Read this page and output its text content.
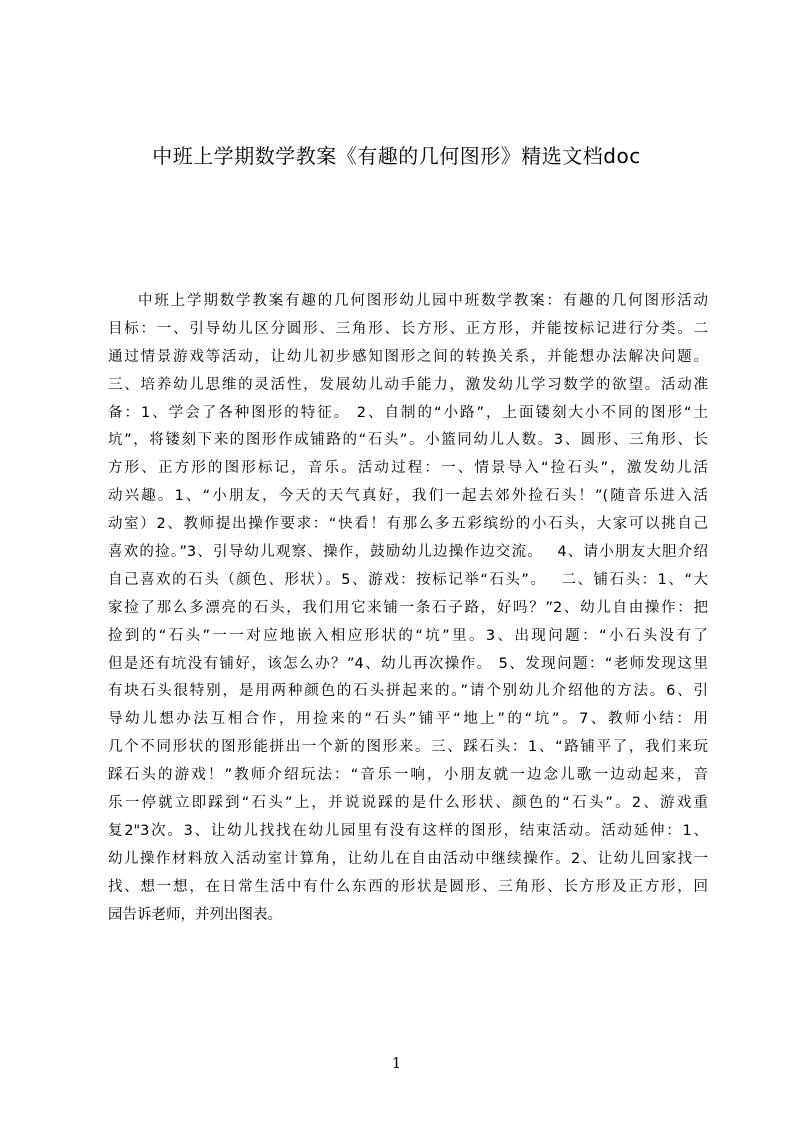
中班上学期数学教案《有趣的几何图形》精选文档doc
中班上学期数学教案有趣的几何图形幼儿园中班数学教案：有趣的几何图形活动
目标：一、引导幼儿区分圆形、三角形、长方形、正方形，并能按标记进行分类。二
通过情景游戏等活动，让幼儿初步感知图形之间的转换关系，并能想办法解决问题。
三、培养幼儿思维的灵活性，发展幼儿动手能力，激发幼儿学习数学的欲望。活动准
备：1、学会了各种图形的特征。 2、自制的“小路”，上面镂刻大小不同的图形“土
坑”，将镂刻下来的图形作成铺路的“石头”。小篮同幼儿人数。3、圆形、三角形、长
方形、正方形的图形标记，音乐。活动过程：一、情景导入“捡石头”，激发幼儿活
动兴趣。1、“小朋友，今天的天气真好，我们一起去郊外捡石头！”(随音乐进入活
动室）2、教师提出操作要求：“快看！有那么多五彩缤纷的小石头，大家可以挑自己
喜欢的捡。”3、引导幼儿观察、操作，鼓励幼儿边操作边交流。　 4、请小朋友大胆介绍
自己喜欢的石头（颜色、形状）。5、游戏：按标记举“石头”。　 二、铺石头：1、“大
家捡了那么多漂亮的石头，我们用它来铺一条石子路，好吗？”2、幼儿自由操作：把
捡到的“石头”一一对应地嵌入相应形状的“坑”里。3、出现问题：“小石头没有了
但是还有坑没有铺好，该怎么办？”4、幼儿再次操作。 5、发现问题：“老师发现这里
有块石头很特别，是用两种颜色的石头拼起来的。”请个别幼儿介绍他的方法。6、引
导幼儿想办法互相合作，用捡来的“石头”铺平“地上”的“坑”。7、教师小结：用
几个不同形状的图形能拼出一个新的图形来。三、踩石头：1、“路铺平了，我们来玩
踩石头的游戏！”教师介绍玩法：“音乐一响，小朋友就一边念儿歌一边动起来，音
乐一停就立即踩到“石头”上，并说说踩的是什么形状、颜色的“石头”。2、游戏重
复2"3次。3、让幼儿找找在幼儿园里有没有这样的图形，结束活动。活动延伸：1、
幼儿操作材料放入活动室计算角，让幼儿在自由活动中继续操作。2、让幼儿回家找一
找、想一想，在日常生活中有什么东西的形状是圆形、三角形、长方形及正方形，回
园告诉老师，并列出图表。
1
